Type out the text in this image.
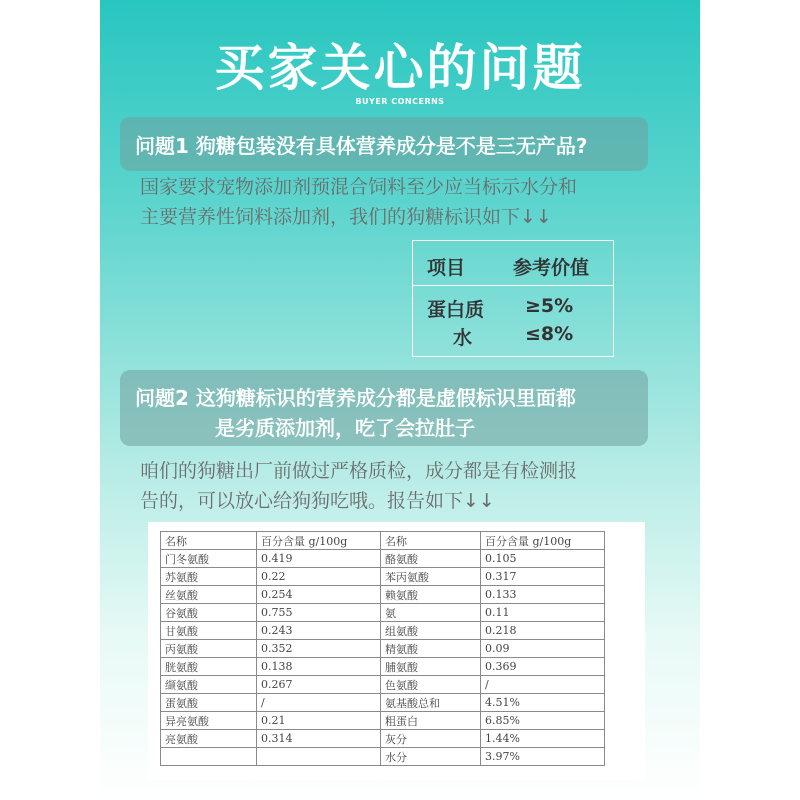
买家关心的问题
BUYER CONCERNS
问题1 狗糖包装没有具体营养成分是不是三无产品?
国家要求宠物添加剂预混合饲料至少应当标示水分和
主要营养性饲料添加剂，我们的狗糖标识如下↓↓
项目	参考价值
蛋白质 ≥5%
水	≤8%
问题2 这狗糖标识的营养成分都是虚假标识里面都
是劣质添加剂，吃了会拉肚子
咱们的狗糖出厂前做过严格质检，成分都是有检测报
告的，可以放心给狗狗吃哦。报告如下↓↓
名称	百分含量 g/100g	名称	百分含量 g/100g
门冬氨酸	0.419	酪氨酸	0.105
苏氨酸	0.22	苯丙氨酸	0.317
丝氨酸	0.254	赖氨酸	0.133
谷氨酸	0.755	氨	0.11
甘氨酸	0.243	组氨酸	0.218
丙氨酸	0.352	精氨酸	0.09
胱氨酸	0.138	脯氨酸	0.369
缬氨酸	0.267	色氨酸	/
蛋氨酸	/	氨基酸总和	4.51%
异亮氨酸	0.21	粗蛋白	6.85%
亮氨酸	0.314	灰分	1.44%
		水分	3.97%
